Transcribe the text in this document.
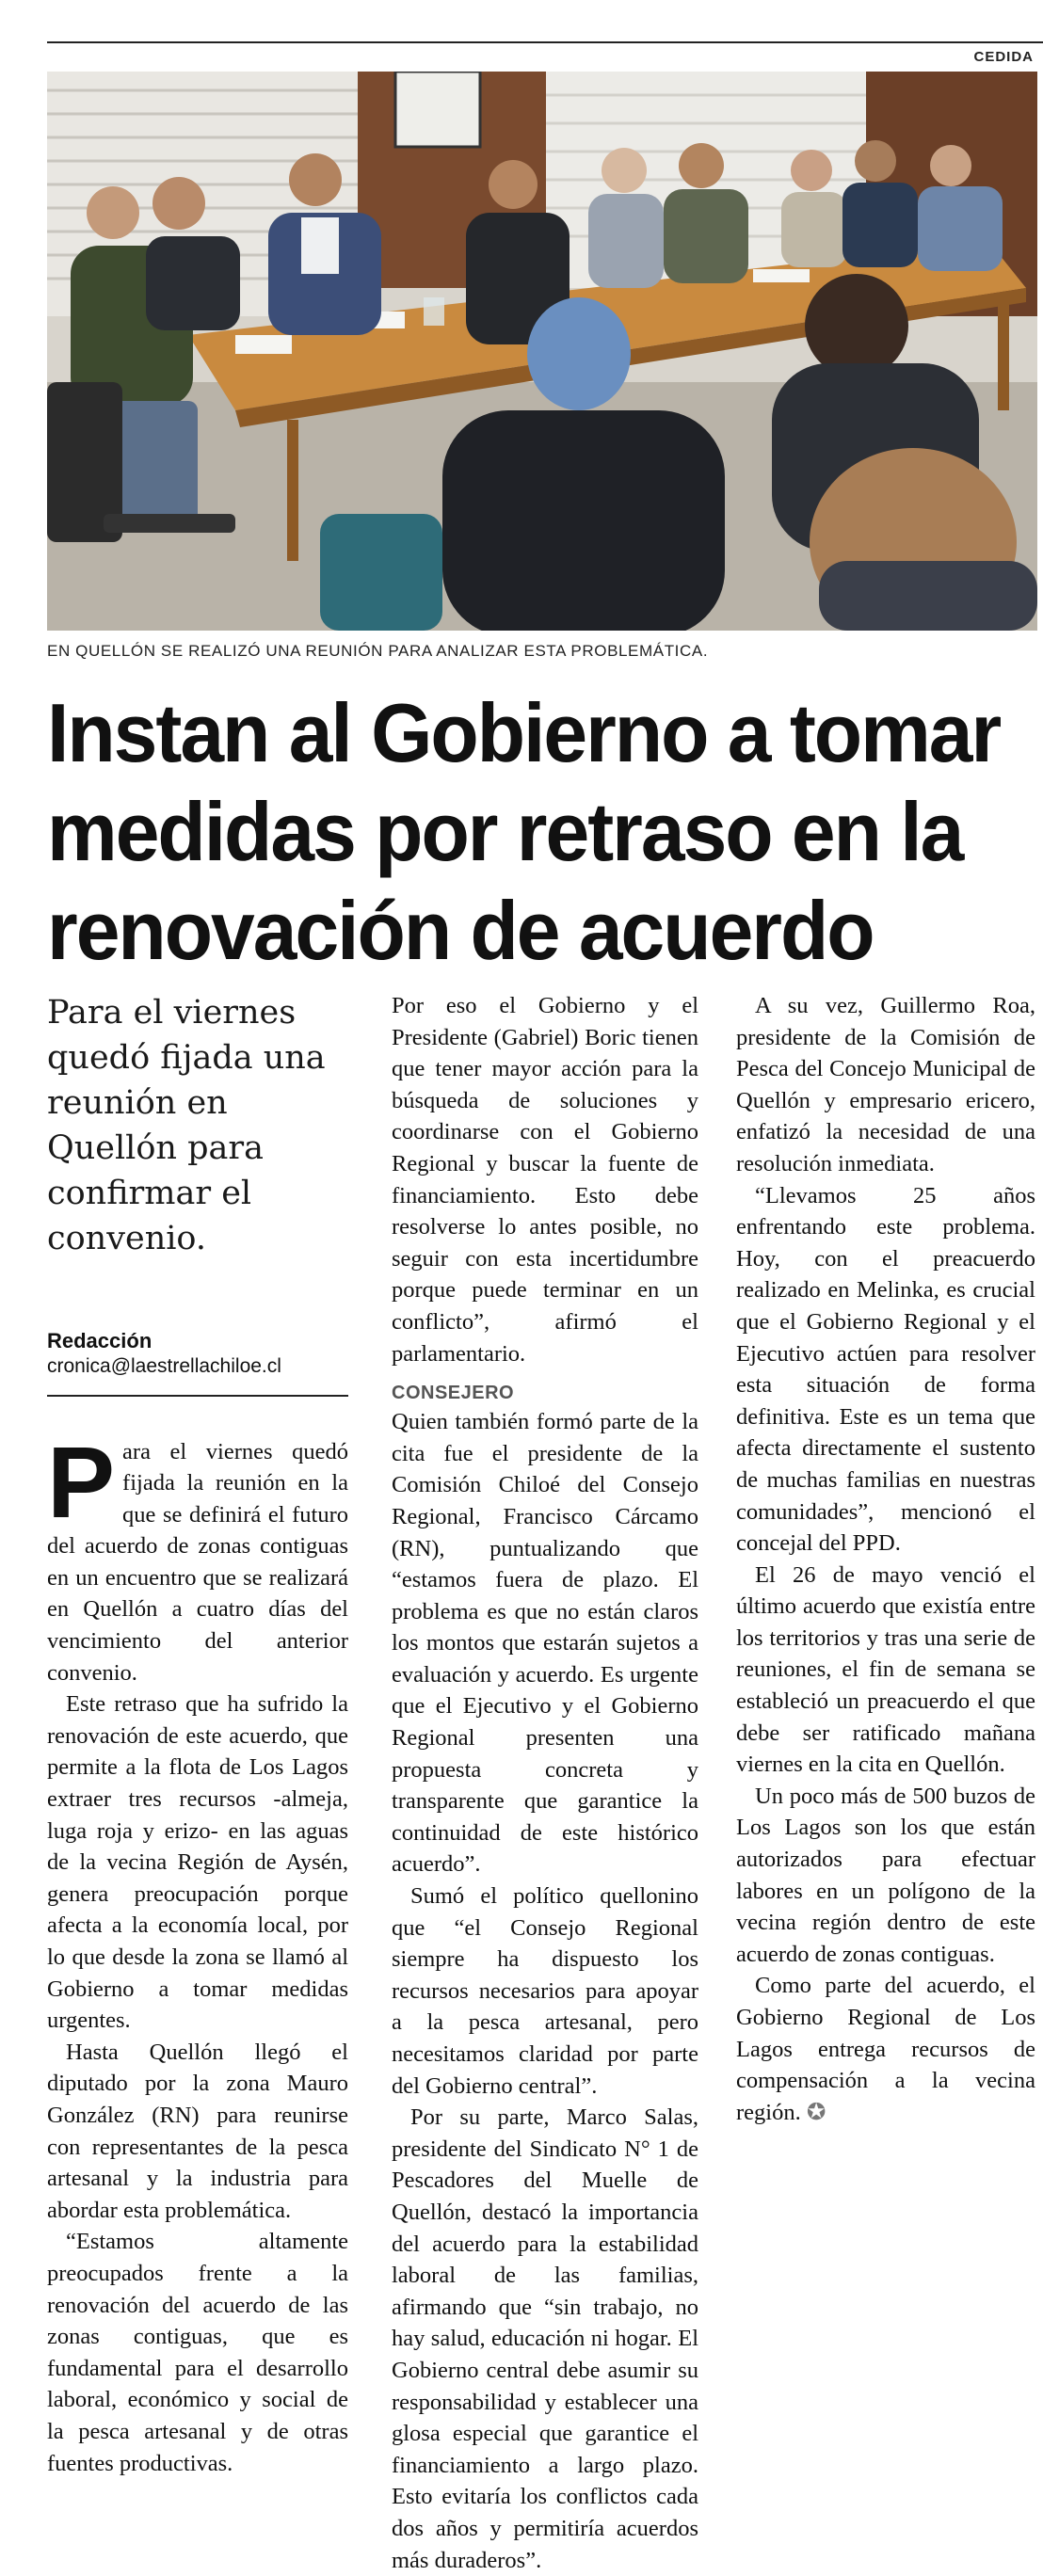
CEDIDA
EN QUELLÓN SE REALIZÓ UNA REUNIÓN PARA ANALIZAR ESTA PROBLEMÁTICA.
Instan al Gobierno a tomar medidas por retraso en la renovación de acuerdo

Para el viernes quedó fijada una reunión en Quellón para confirmar el convenio.

Redacción
cronica@laestrellachiloe.cl

Para el viernes quedó fijada la reunión en la que se definirá el futuro del acuerdo de zonas contiguas en un encuentro que se realizará en Quellón a cuatro días del vencimiento del anterior convenio.

Este retraso que ha sufrido la renovación de este acuerdo, que permite a la flota de Los Lagos extraer tres recursos -almeja, luga roja y erizo- en las aguas de la vecina Región de Aysén, genera preocupación porque afecta a la economía local, por lo que desde la zona se llamó al Gobierno a tomar medidas urgentes.

Hasta Quellón llegó el diputado por la zona Mauro González (RN) para reunirse con representantes de la pesca artesanal y la industria para abordar esta problemática.

“Estamos altamente preocupados frente a la renovación del acuerdo de las zonas contiguas, que es fundamental para el desarrollo laboral, económico y social de la pesca artesanal y de otras fuentes productivas.

Por eso el Gobierno y el Presidente (Gabriel) Boric tienen que tener mayor acción para la búsqueda de soluciones y coordinarse con el Gobierno Regional y buscar la fuente de financiamiento. Esto debe resolverse lo antes posible, no seguir con esta incertidumbre porque puede terminar en un conflicto”, afirmó el parlamentario.

CONSEJERO

Quien también formó parte de la cita fue el presidente de la Comisión Chiloé del Consejo Regional, Francisco Cárcamo (RN), puntualizando que “estamos fuera de plazo. El problema es que no están claros los montos que estarán sujetos a evaluación y acuerdo. Es urgente que el Ejecutivo y el Gobierno Regional presenten una propuesta concreta y transparente que garantice la continuidad de este histórico acuerdo”.

Sumó el político quellonino que “el Consejo Regional siempre ha dispuesto los recursos necesarios para apoyar a la pesca artesanal, pero necesitamos claridad por parte del Gobierno central”.

Por su parte, Marco Salas, presidente del Sindicato N° 1 de Pescadores del Muelle de Quellón, destacó la importancia del acuerdo para la estabilidad laboral de las familias, afirmando que “sin trabajo, no hay salud, educación ni hogar. El Gobierno central debe asumir su responsabilidad y establecer una glosa especial que garantice el financiamiento a largo plazo. Esto evitaría los conflictos cada dos años y permitiría acuerdos más duraderos”.

A su vez, Guillermo Roa, presidente de la Comisión de Pesca del Concejo Municipal de Quellón y empresario ericero, enfatizó la necesidad de una resolución inmediata.

“Llevamos 25 años enfrentando este problema. Hoy, con el preacuerdo realizado en Melinka, es crucial que el Gobierno Regional y el Ejecutivo actúen para resolver esta situación de forma definitiva. Este es un tema que afecta directamente el sustento de muchas familias en nuestras comunidades”, mencionó el concejal del PPD.

El 26 de mayo venció el último acuerdo que existía entre los territorios y tras una serie de reuniones, el fin de semana se estableció un preacuerdo el que debe ser ratificado mañana viernes en la cita en Quellón.

Un poco más de 500 buzos de Los Lagos son los que están autorizados para efectuar labores en un polígono de la vecina región dentro de este acuerdo de zonas contiguas.

Como parte del acuerdo, el Gobierno Regional de Los Lagos entrega recursos de compensación a la vecina región. ✪
